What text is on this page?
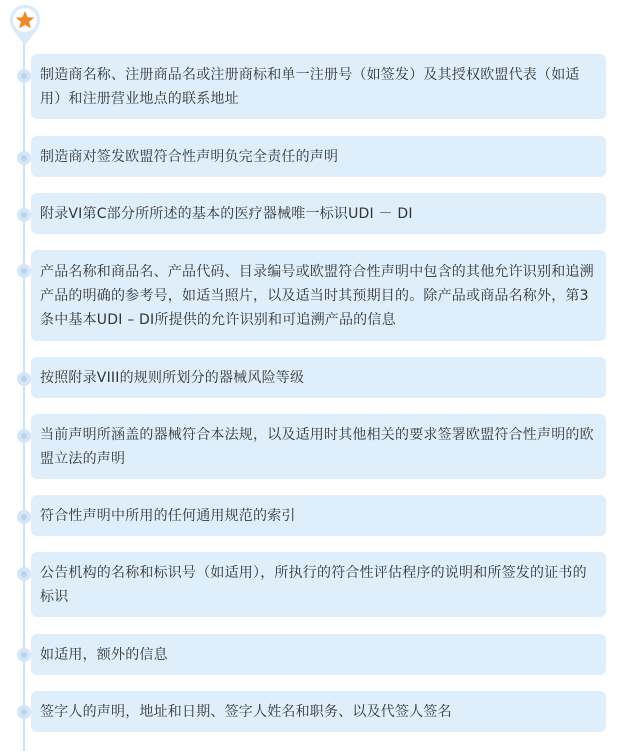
制造商名称、注册商品名或注册商标和单一注册号（如签发）及其授权欧盟代表（如适用）和注册营业地点的联系地址
制造商对签发欧盟符合性声明负完全责任的声明
附录VI第C部分所所述的基本的医疗器械唯一标识UDI － DI
产品名称和商品名、产品代码、目录编号或欧盟符合性声明中包含的其他允许识别和追溯产品的明确的参考号，如适当照片，以及适当时其预期目的。除产品或商品名称外，第3条中基本UDI – DI所提供的允许识别和可追溯产品的信息
按照附录VIII的规则所划分的器械风险等级
当前声明所涵盖的器械符合本法规，以及适用时其他相关的要求签署欧盟符合性声明的欧盟立法的声明
符合性声明中所用的任何通用规范的索引
公告机构的名称和标识号（如适用），所执行的符合性评估程序的说明和所签发的证书的标识
如适用，额外的信息
签字人的声明，地址和日期、签字人姓名和职务、以及代签人签名
